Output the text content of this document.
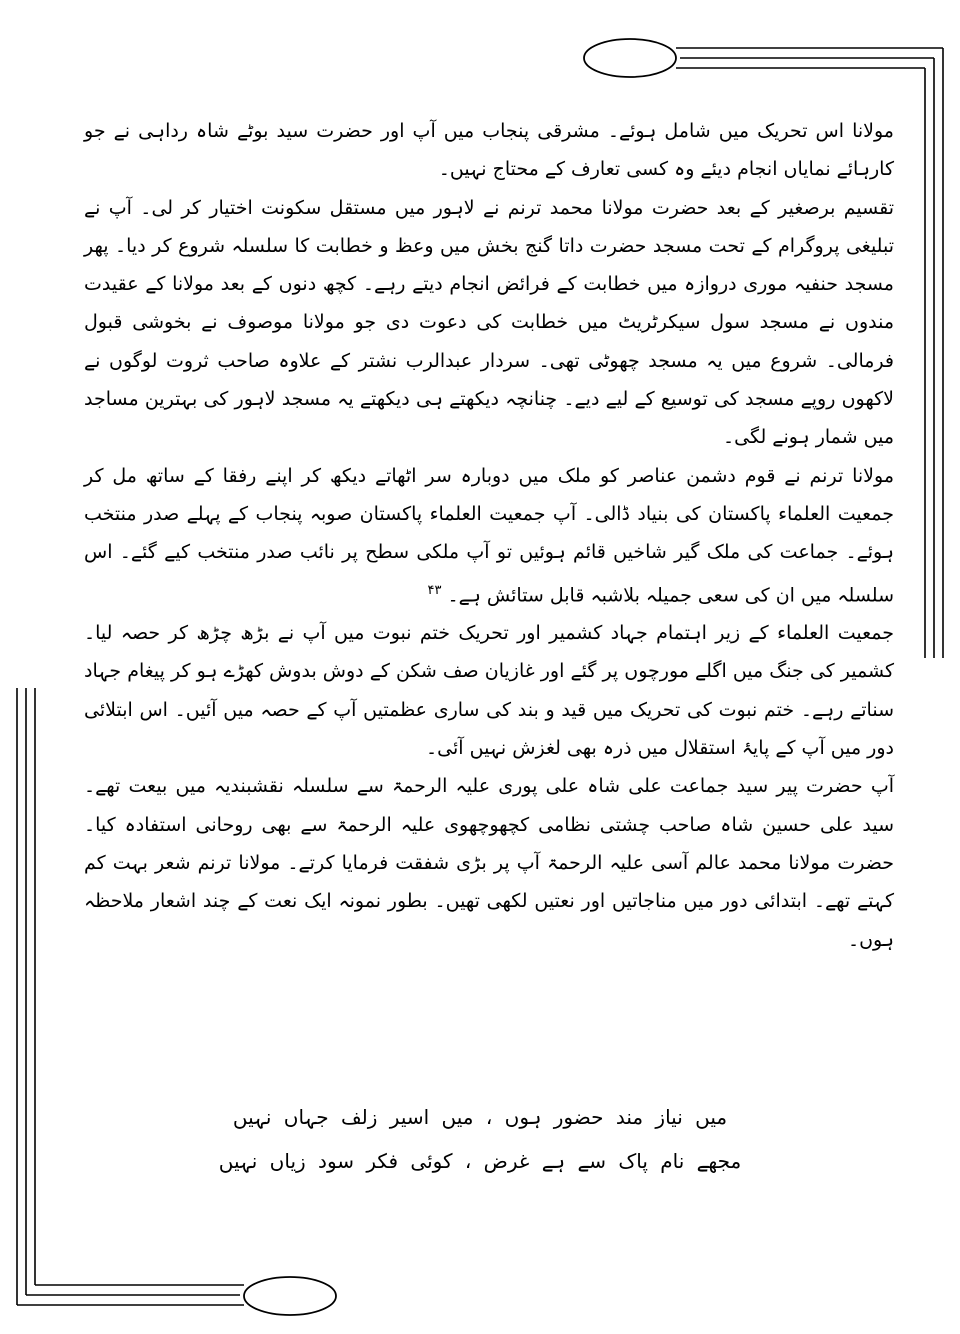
مولانا اس تحریک میں شامل ہوئے۔ مشرقی پنجاب میں آپ اور حضرت سید بوٹے شاہ رداہی نے جو کارہائے نمایاں انجام دیئے وہ کسی تعارف کے محتاج نہیں۔

تقسیم برصغیر کے بعد حضرت مولانا محمد ترنم نے لاہور میں مستقل سکونت اختیار کر لی۔ آپ نے تبلیغی پروگرام کے تحت مسجد حضرت داتا گنج بخش میں وعظ و خطابت کا سلسلہ شروع کر دیا۔ پھر مسجد حنفیہ موری دروازہ میں خطابت کے فرائض انجام دیتے رہے۔ کچھ دنوں کے بعد مولانا کے عقیدت مندوں نے مسجد سول سیکرٹریٹ میں خطابت کی دعوت دی جو مولانا موصوف نے بخوشی قبول فرمالی۔ شروع میں یہ مسجد چھوٹی تھی۔ سردار عبدالرب نشتر کے علاوہ صاحب ثروت لوگوں نے لاکھوں روپے مسجد کی توسیع کے لیے دیے۔ چنانچہ دیکھتے ہی دیکھتے یہ مسجد لاہور کی بہترین مساجد میں شمار ہونے لگی۔

مولانا ترنم نے قوم دشمن عناصر کو ملک میں دوبارہ سر اٹھاتے دیکھ کر اپنے رفقا کے ساتھ مل کر جمعیت العلماء پاکستان کی بنیاد ڈالی۔ آپ جمعیت العلماء پاکستان صوبہ پنجاب کے پہلے صدر منتخب ہوئے۔ جماعت کی ملک گیر شاخیں قائم ہوئیں تو آپ ملکی سطح پر نائب صدر منتخب کیے گئے۔ اس سلسلہ میں ان کی سعی جمیلہ بلاشبہ قابل ستائش ہے۔۴۳

جمعیت العلماء کے زیر اہتمام جہاد کشمیر اور تحریک ختم نبوت میں آپ نے بڑھ چڑھ کر حصہ لیا۔ کشمیر کی جنگ میں اگلے مورچوں پر گئے اور غازیان صف شکن کے دوش بدوش کھڑے ہو کر پیغام جہاد سناتے رہے۔ ختم نبوت کی تحریک میں قید و بند کی ساری عظمتیں آپ کے حصہ میں آئیں۔ اس ابتلائی دور میں آپ کے پایۂ استقلال میں ذرہ بھی لغزش نہیں آئی۔

آپ حضرت پیر سید جماعت علی شاہ علی پوری علیہ الرحمۃ سے سلسلہ نقشبندیہ میں بیعت تھے۔ سید علی حسین شاہ صاحب چشتی نظامی کچھوچھوی علیہ الرحمۃ سے بھی روحانی استفادہ کیا۔ حضرت مولانا محمد عالم آسی علیہ الرحمۃ آپ پر بڑی شفقت فرمایا کرتے۔ مولانا ترنم شعر بہت کم کہتے تھے۔ ابتدائی دور میں مناجاتیں اور نعتیں لکھی تھیں۔ بطور نمونہ ایک نعت کے چند اشعار ملاحظہ ہوں۔

میں نیاز مند حضور ہوں ، میں اسیر زلف جہاں نہیں

مجھے نام پاک سے ہے غرض ، کوئی فکر سود زیاں نہیں
